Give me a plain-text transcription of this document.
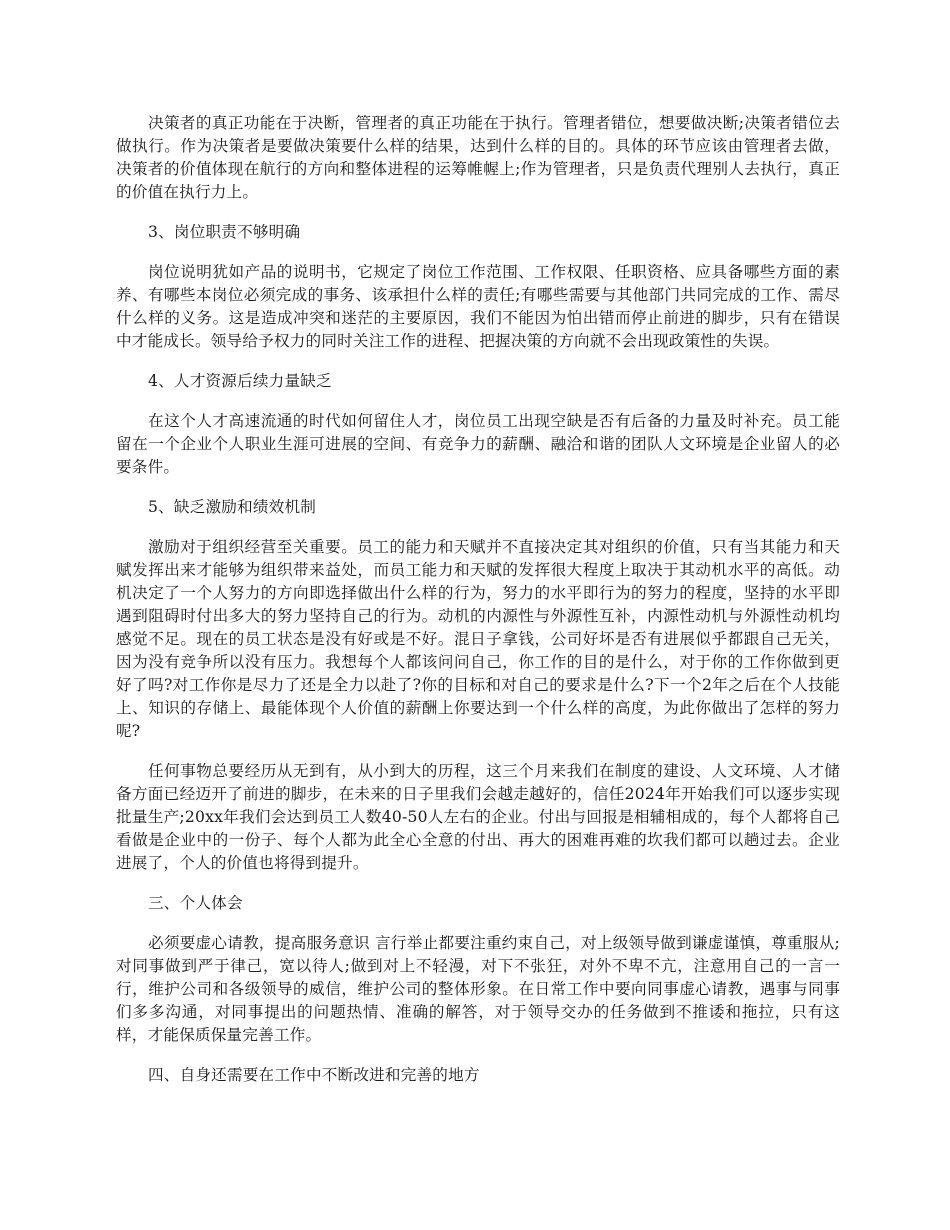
决策者的真正功能在于决断，管理者的真正功能在于执行。管理者错位，想要做决断;决策者错位去做执行。作为决策者是要做决策要什么样的结果，达到什么样的目的。具体的环节应该由管理者去做，决策者的价值体现在航行的方向和整体进程的运筹帷幄上;作为管理者，只是负责代理别人去执行，真正的价值在执行力上。

3、岗位职责不够明确

岗位说明犹如产品的说明书，它规定了岗位工作范围、工作权限、任职资格、应具备哪些方面的素养、有哪些本岗位必须完成的事务、该承担什么样的责任;有哪些需要与其他部门共同完成的工作、需尽什么样的义务。这是造成冲突和迷茫的主要原因，我们不能因为怕出错而停止前进的脚步，只有在错误中才能成长。领导给予权力的同时关注工作的进程、把握决策的方向就不会出现政策性的失误。

4、人才资源后续力量缺乏

在这个人才高速流通的时代如何留住人才，岗位员工出现空缺是否有后备的力量及时补充。员工能留在一个企业个人职业生涯可进展的空间、有竞争力的薪酬、融洽和谐的团队人文环境是企业留人的必要条件。

5、缺乏激励和绩效机制

激励对于组织经营至关重要。员工的能力和天赋并不直接决定其对组织的价值，只有当其能力和天赋发挥出来才能够为组织带来益处，而员工能力和天赋的发挥很大程度上取决于其动机水平的高低。动机决定了一个人努力的方向即选择做出什么样的行为，努力的水平即行为的努力的程度，坚持的水平即遇到阻碍时付出多大的努力坚持自己的行为。动机的内源性与外源性互补，内源性动机与外源性动机均感觉不足。现在的员工状态是没有好或是不好。混日子拿钱，公司好坏是否有进展似乎都跟自己无关，因为没有竞争所以没有压力。我想每个人都该问问自己，你工作的目的是什么，对于你的工作你做到更好了吗?对工作你是尽力了还是全力以赴了?你的目标和对自己的要求是什么?下一个2年之后在个人技能上、知识的存储上、最能体现个人价值的薪酬上你要达到一个什么样的高度，为此你做出了怎样的努力呢?

任何事物总要经历从无到有，从小到大的历程，这三个月来我们在制度的建设、人文环境、人才储备方面已经迈开了前进的脚步，在未来的日子里我们会越走越好的，信任2024年开始我们可以逐步实现批量生产;20xx年我们会达到员工人数40-50人左右的企业。付出与回报是相辅相成的，每个人都将自己看做是企业中的一份子、每个人都为此全心全意的付出、再大的困难再难的坎我们都可以趟过去。企业进展了，个人的价值也将得到提升。

三、个人体会

必须要虚心请教，提高服务意识 言行举止都要注重约束自己，对上级领导做到谦虚谨慎，尊重服从;对同事做到严于律己，宽以待人;做到对上不轻漫，对下不张狂，对外不卑不亢，注意用自己的一言一行，维护公司和各级领导的威信，维护公司的整体形象。在日常工作中要向同事虚心请教，遇事与同事们多多沟通，对同事提出的问题热情、准确的解答，对于领导交办的任务做到不推诿和拖拉，只有这样，才能保质保量完善工作。

四、自身还需要在工作中不断改进和完善的地方
